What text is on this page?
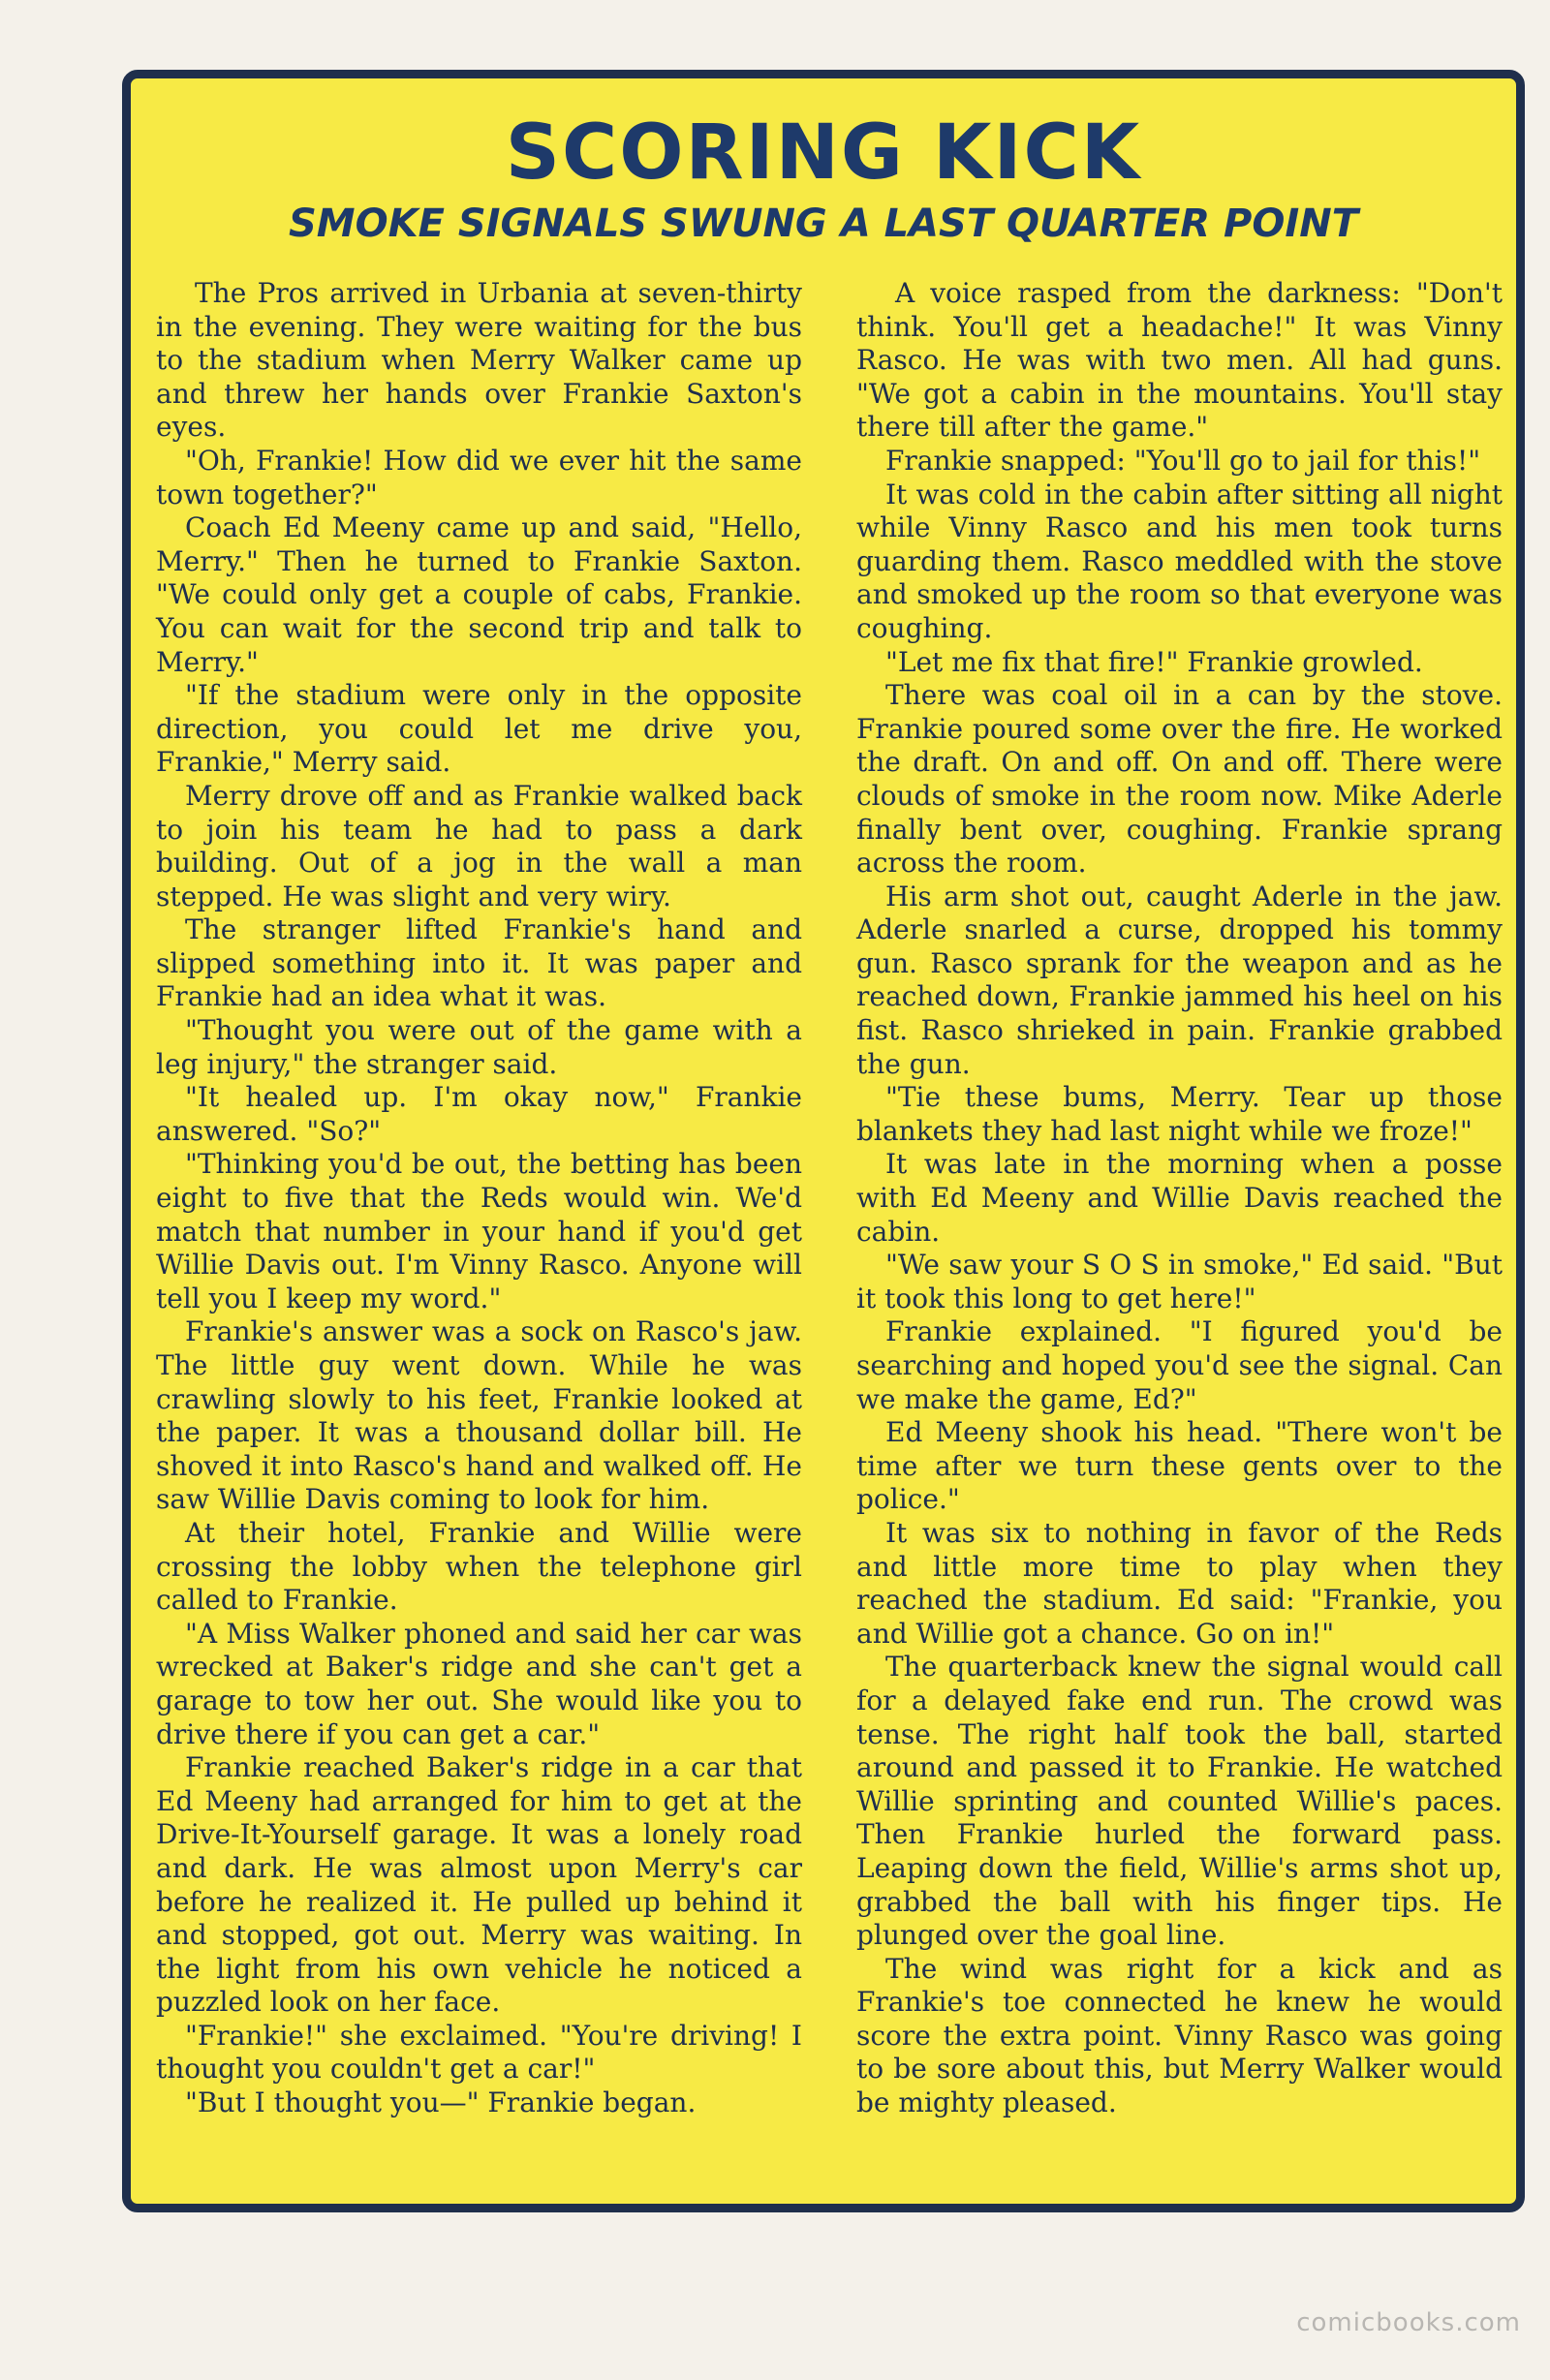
SCORING KICK
SMOKE SIGNALS SWUNG A LAST QUARTER POINT

The Pros arrived in Urbania at seven-thirty in the evening. They were waiting for the bus to the stadium when Merry Walker came up and threw her hands over Frankie Saxton's eyes.

"Oh, Frankie! How did we ever hit the same town together?"

Coach Ed Meeny came up and said, "Hello, Merry." Then he turned to Frankie Saxton. "We could only get a couple of cabs, Frankie. You can wait for the second trip and talk to Merry."

"If the stadium were only in the opposite direction, you could let me drive you, Frankie," Merry said.

Merry drove off and as Frankie walked back to join his team he had to pass a dark building. Out of a jog in the wall a man stepped. He was slight and very wiry.

The stranger lifted Frankie's hand and slipped something into it. It was paper and Frankie had an idea what it was.

"Thought you were out of the game with a leg injury," the stranger said.

"It healed up. I'm okay now," Frankie answered. "So?"

"Thinking you'd be out, the betting has been eight to five that the Reds would win. We'd match that number in your hand if you'd get Willie Davis out. I'm Vinny Rasco. Anyone will tell you I keep my word."

Frankie's answer was a sock on Rasco's jaw. The little guy went down. While he was crawling slowly to his feet, Frankie looked at the paper. It was a thousand dollar bill. He shoved it into Rasco's hand and walked off. He saw Willie Davis coming to look for him.

At their hotel, Frankie and Willie were crossing the lobby when the telephone girl called to Frankie.

"A Miss Walker phoned and said her car was wrecked at Baker's ridge and she can't get a garage to tow her out. She would like you to drive there if you can get a car."

Frankie reached Baker's ridge in a car that Ed Meeny had arranged for him to get at the Drive-It-Yourself garage. It was a lonely road and dark. He was almost upon Merry's car before he realized it. He pulled up behind it and stopped, got out. Merry was waiting. In the light from his own vehicle he noticed a puzzled look on her face.

"Frankie!" she exclaimed. "You're driving! I thought you couldn't get a car!"

"But I thought you—" Frankie began.

A voice rasped from the darkness: "Don't think. You'll get a headache!" It was Vinny Rasco. He was with two men. All had guns. "We got a cabin in the mountains. You'll stay there till after the game."

Frankie snapped: "You'll go to jail for this!"

It was cold in the cabin after sitting all night while Vinny Rasco and his men took turns guarding them. Rasco meddled with the stove and smoked up the room so that everyone was coughing.

"Let me fix that fire!" Frankie growled.

There was coal oil in a can by the stove. Frankie poured some over the fire. He worked the draft. On and off. On and off. There were clouds of smoke in the room now. Mike Aderle finally bent over, coughing. Frankie sprang across the room.

His arm shot out, caught Aderle in the jaw. Aderle snarled a curse, dropped his tommy gun. Rasco sprank for the weapon and as he reached down, Frankie jammed his heel on his fist. Rasco shrieked in pain. Frankie grabbed the gun.

"Tie these bums, Merry. Tear up those blankets they had last night while we froze!"

It was late in the morning when a posse with Ed Meeny and Willie Davis reached the cabin.

"We saw your S O S in smoke," Ed said. "But it took this long to get here!"

Frankie explained. "I figured you'd be searching and hoped you'd see the signal. Can we make the game, Ed?"

Ed Meeny shook his head. "There won't be time after we turn these gents over to the police."

It was six to nothing in favor of the Reds and little more time to play when they reached the stadium. Ed said: "Frankie, you and Willie got a chance. Go on in!"

The quarterback knew the signal would call for a delayed fake end run. The crowd was tense. The right half took the ball, started around and passed it to Frankie. He watched Willie sprinting and counted Willie's paces. Then Frankie hurled the forward pass. Leaping down the field, Willie's arms shot up, grabbed the ball with his finger tips. He plunged over the goal line.

The wind was right for a kick and as Frankie's toe connected he knew he would score the extra point. Vinny Rasco was going to be sore about this, but Merry Walker would be mighty pleased.

comicbooks.com
